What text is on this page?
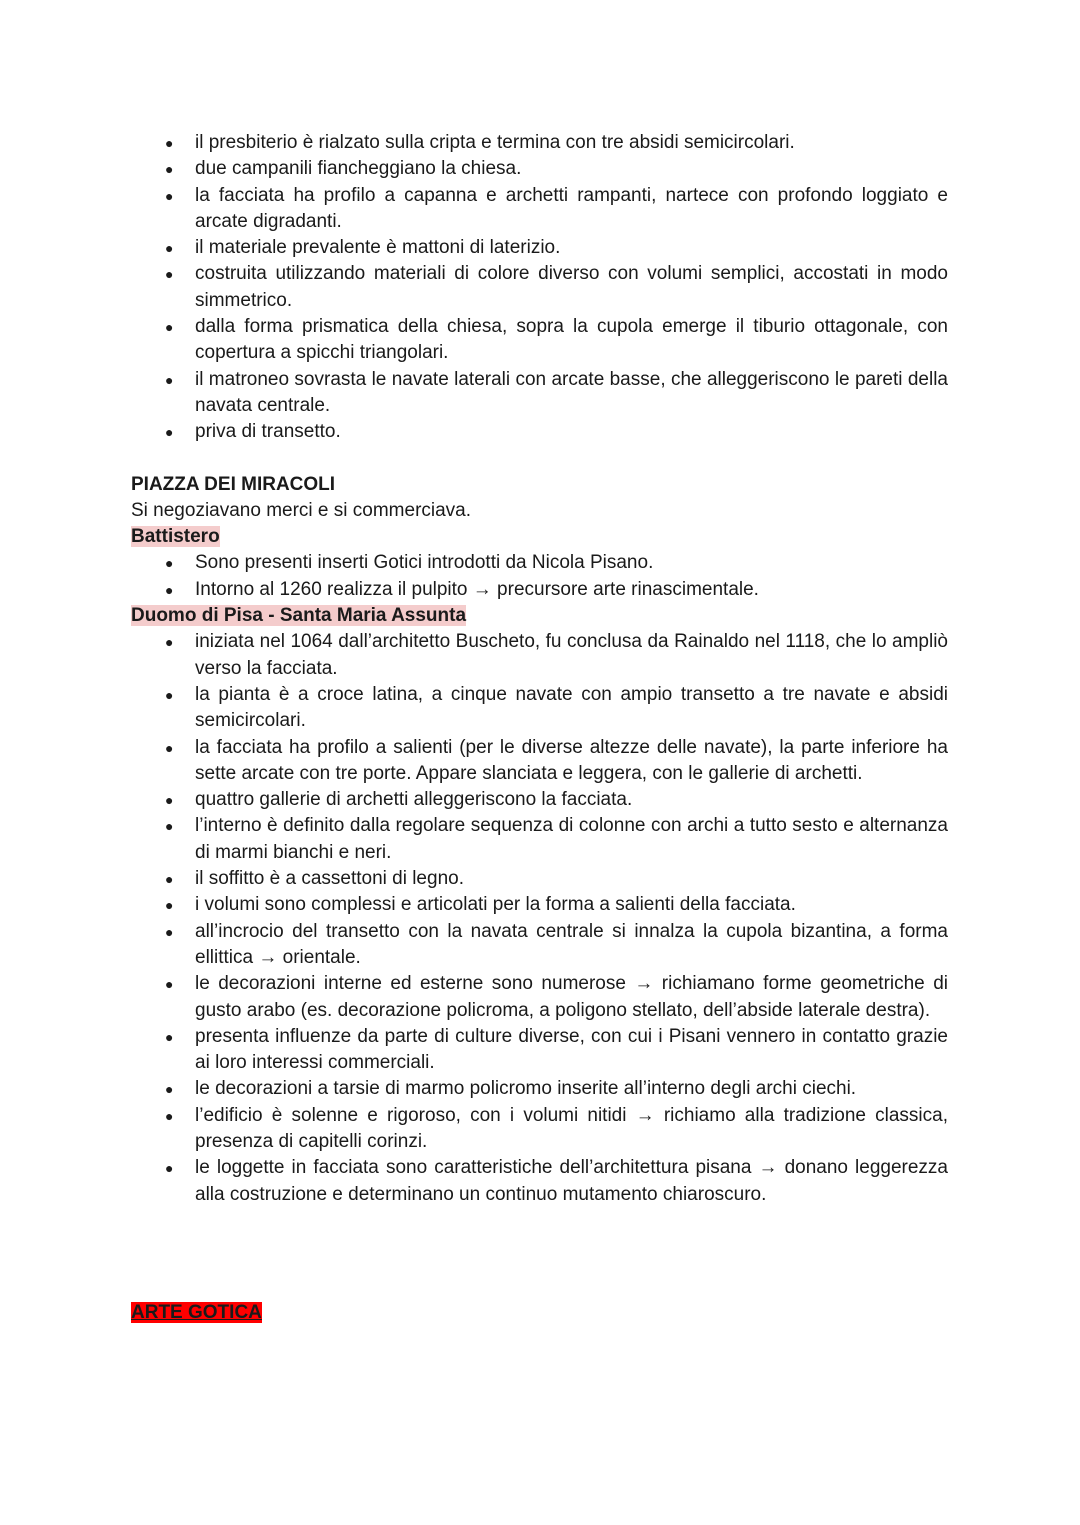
● il presbiterio è rialzato sulla cripta e termina con tre absidi semicircolari.
● due campanili fiancheggiano la chiesa.
● la facciata ha profilo a capanna e archetti rampanti, nartece con profondo loggiato e arcate digradanti.
● il materiale prevalente è mattoni di laterizio.
● costruita utilizzando materiali di colore diverso con volumi semplici, accostati in modo simmetrico.
● dalla forma prismatica della chiesa, sopra la cupola emerge il tiburio ottagonale, con copertura a spicchi triangolari.
● il matroneo sovrasta le navate laterali con arcate basse, che alleggeriscono le pareti della navata centrale.
● priva di transetto.
PIAZZA DEI MIRACOLI
Si negoziavano merci e si commerciava.
Battistero
● Sono presenti inserti Gotici introdotti da Nicola Pisano.
● Intorno al 1260 realizza il pulpito → precursore arte rinascimentale.
Duomo di Pisa - Santa Maria Assunta
● iniziata nel 1064 dall’architetto Buscheto, fu conclusa da Rainaldo nel 1118, che lo ampliò verso la facciata.
● la pianta è a croce latina, a cinque navate con ampio transetto a tre navate e absidi semicircolari.
● la facciata ha profilo a salienti (per le diverse altezze delle navate), la parte inferiore ha sette arcate con tre porte. Appare slanciata e leggera, con le gallerie di archetti.
● quattro gallerie di archetti alleggeriscono la facciata.
● l’interno è definito dalla regolare sequenza di colonne con archi a tutto sesto e alternanza di marmi bianchi e neri.
● il soffitto è a cassettoni di legno.
● i volumi sono complessi e articolati per la forma a salienti della facciata.
● all’incrocio del transetto con la navata centrale si innalza la cupola bizantina, a forma ellittica → orientale.
● le decorazioni interne ed esterne sono numerose → richiamano forme geometriche di gusto arabo (es. decorazione policroma, a poligono stellato, dell’abside laterale destra).
● presenta influenze da parte di culture diverse, con cui i Pisani vennero in contatto grazie ai loro interessi commerciali.
● le decorazioni a tarsie di marmo policromo inserite all’interno degli archi ciechi.
● l’edificio è solenne e rigoroso, con i volumi nitidi → richiamo alla tradizione classica, presenza di capitelli corinzi.
● le loggette in facciata sono caratteristiche dell’architettura pisana → donano leggerezza alla costruzione e determinano un continuo mutamento chiaroscuro.
ARTE GOTICA
